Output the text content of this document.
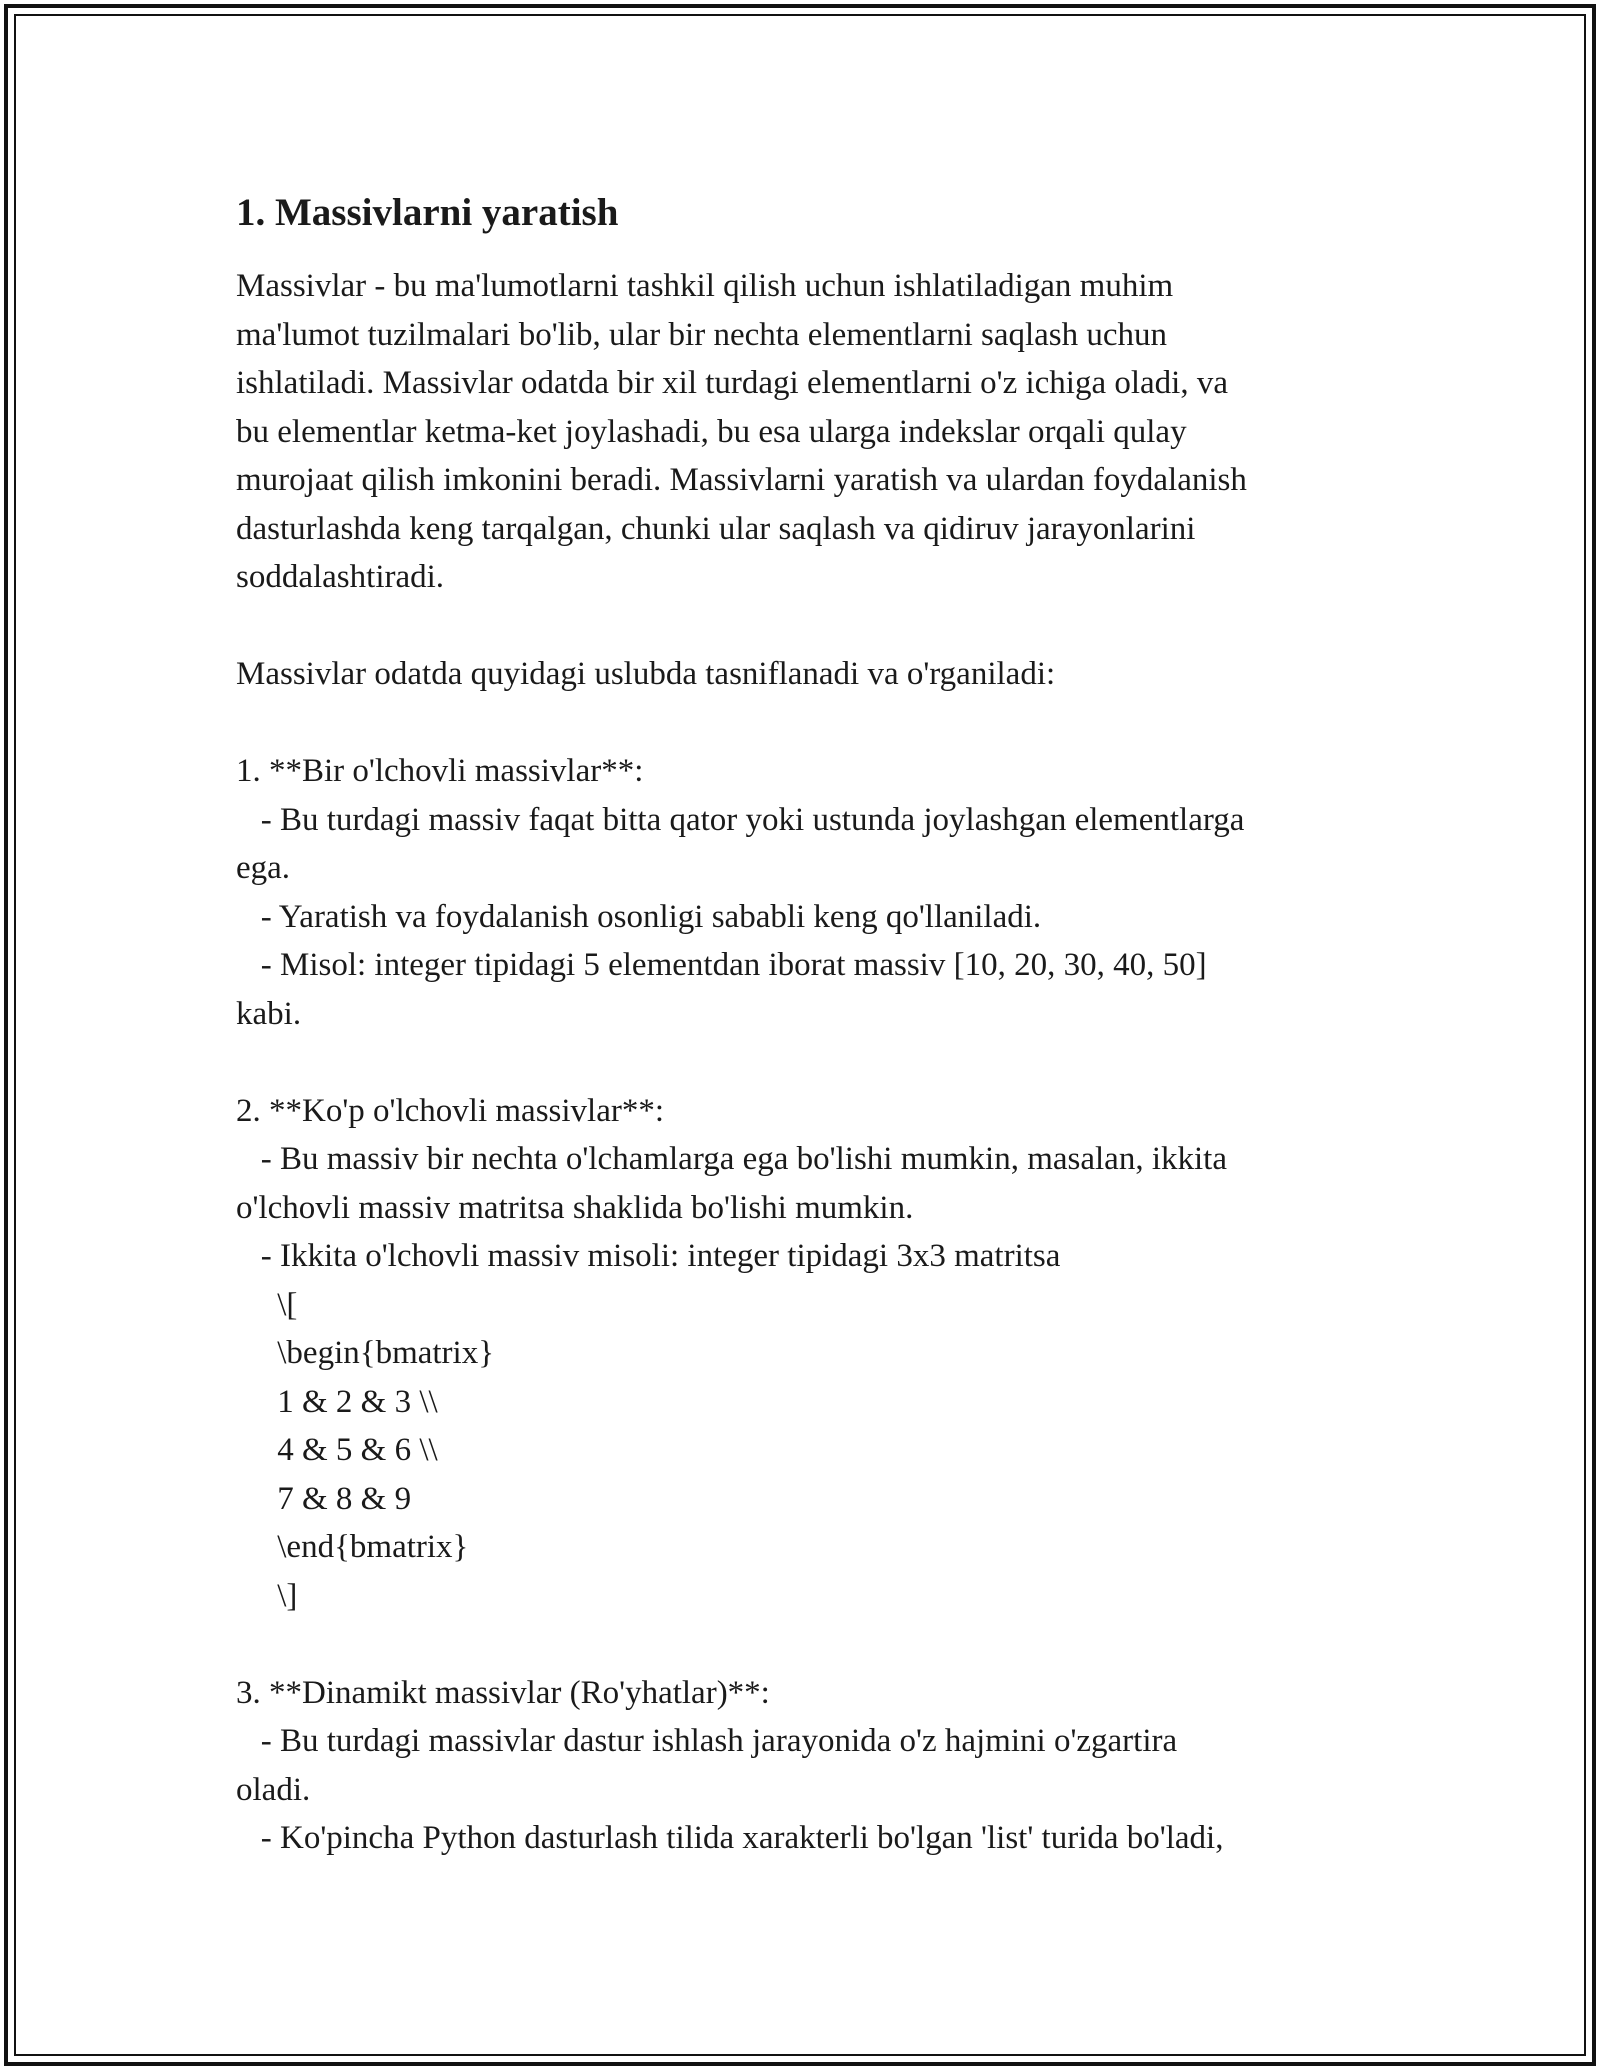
1. Massivlarni yaratish
Massivlar - bu ma'lumotlarni tashkil qilish uchun ishlatiladigan muhim
ma'lumot tuzilmalari bo'lib, ular bir nechta elementlarni saqlash uchun
ishlatiladi. Massivlar odatda bir xil turdagi elementlarni o'z ichiga oladi, va
bu elementlar ketma-ket joylashadi, bu esa ularga indekslar orqali qulay
murojaat qilish imkonini beradi. Massivlarni yaratish va ulardan foydalanish
dasturlashda keng tarqalgan, chunki ular saqlash va qidiruv jarayonlarini
soddalashtiradi.
Massivlar odatda quyidagi uslubda tasniflanadi va o'rganiladi:
1. **Bir o'lchovli massivlar**:
- Bu turdagi massiv faqat bitta qator yoki ustunda joylashgan elementlarga
ega.
- Yaratish va foydalanish osonligi sababli keng qo'llaniladi.
- Misol: integer tipidagi 5 elementdan iborat massiv [10, 20, 30, 40, 50]
kabi.
2. **Ko'p o'lchovli massivlar**:
- Bu massiv bir nechta o'lchamlarga ega bo'lishi mumkin, masalan, ikkita
o'lchovli massiv matritsa shaklida bo'lishi mumkin.
- Ikkita o'lchovli massiv misoli: integer tipidagi 3x3 matritsa
\[
\begin{bmatrix}
1 & 2 & 3 \\
4 & 5 & 6 \\
7 & 8 & 9
\end{bmatrix}
\]
3. **Dinamikt massivlar (Ro'yhatlar)**:
- Bu turdagi massivlar dastur ishlash jarayonida o'z hajmini o'zgartira
oladi.
- Ko'pincha Python dasturlash tilida xarakterli bo'lgan 'list' turida bo'ladi,
